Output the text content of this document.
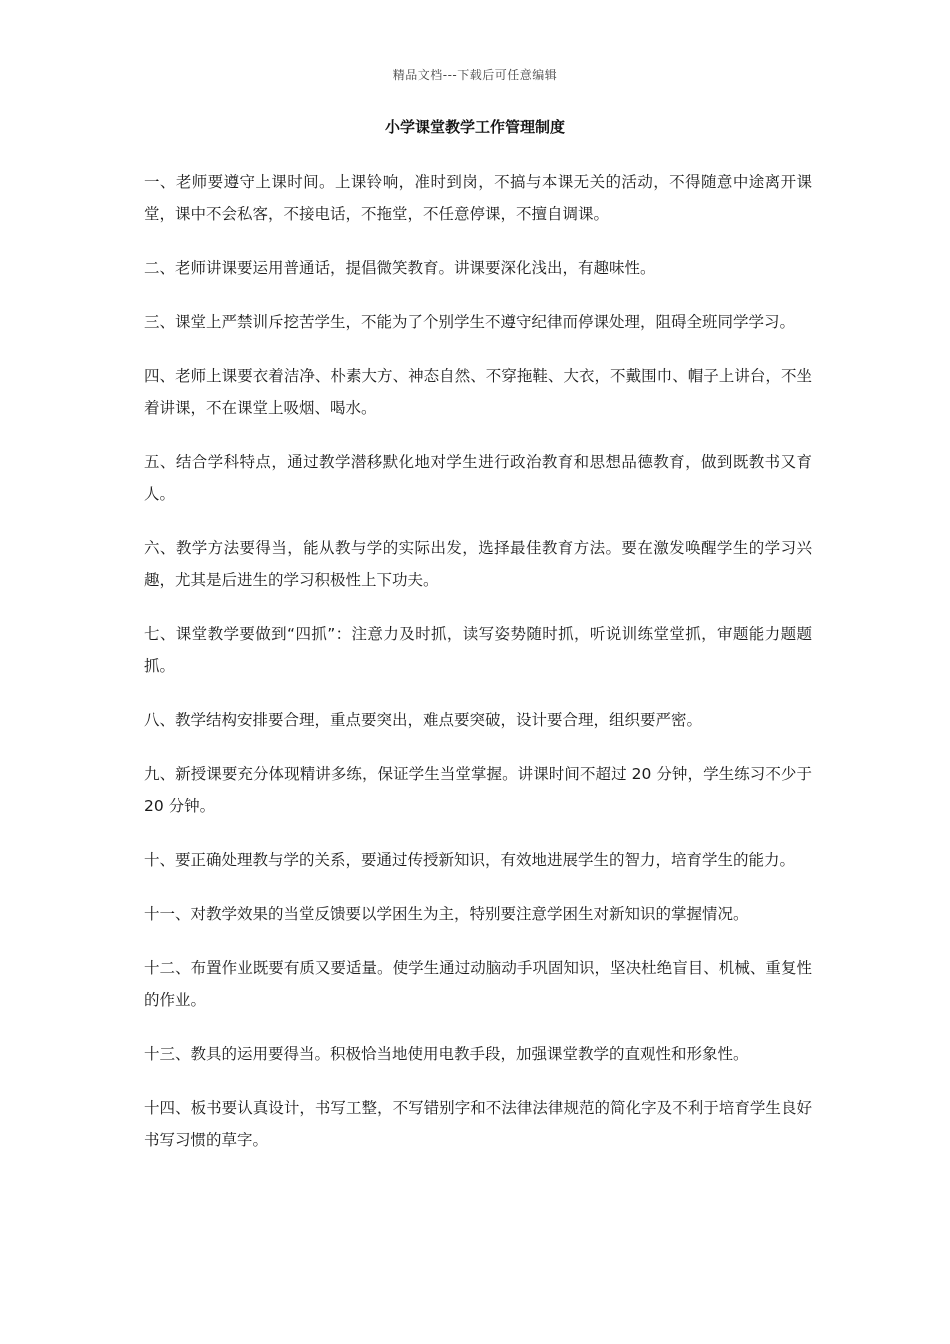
精品文档---下载后可任意编辑
小学课堂教学工作管理制度

一、老师要遵守上课时间。上课铃响，准时到岗，不搞与本课无关的活动，不得随意中途离开课堂，课中不会私客，不接电话，不拖堂，不任意停课，不擅自调课。

二、老师讲课要运用普通话，提倡微笑教育。讲课要深化浅出，有趣味性。

三、课堂上严禁训斥挖苦学生，不能为了个别学生不遵守纪律而停课处理，阻碍全班同学学习。

四、老师上课要衣着洁净、朴素大方、神态自然、不穿拖鞋、大衣，不戴围巾、帽子上讲台，不坐着讲课，不在课堂上吸烟、喝水。

五、结合学科特点，通过教学潜移默化地对学生进行政治教育和思想品德教育，做到既教书又育人。

六、教学方法要得当，能从教与学的实际出发，选择最佳教育方法。要在激发唤醒学生的学习兴趣，尤其是后进生的学习积极性上下功夫。

七、课堂教学要做到“四抓”：注意力及时抓，读写姿势随时抓，听说训练堂堂抓，审题能力题题抓。

八、教学结构安排要合理，重点要突出，难点要突破，设计要合理，组织要严密。

九、新授课要充分体现精讲多练，保证学生当堂掌握。讲课时间不超过 20 分钟，学生练习不少于 20 分钟。

十、要正确处理教与学的关系，要通过传授新知识，有效地进展学生的智力，培育学生的能力。

十一、对教学效果的当堂反馈要以学困生为主，特别要注意学困生对新知识的掌握情况。

十二、布置作业既要有质又要适量。使学生通过动脑动手巩固知识，坚决杜绝盲目、机械、重复性的作业。

十三、教具的运用要得当。积极恰当地使用电教手段，加强课堂教学的直观性和形象性。

十四、板书要认真设计，书写工整，不写错别字和不法律法律规范的简化字及不利于培育学生良好书写习惯的草字。
